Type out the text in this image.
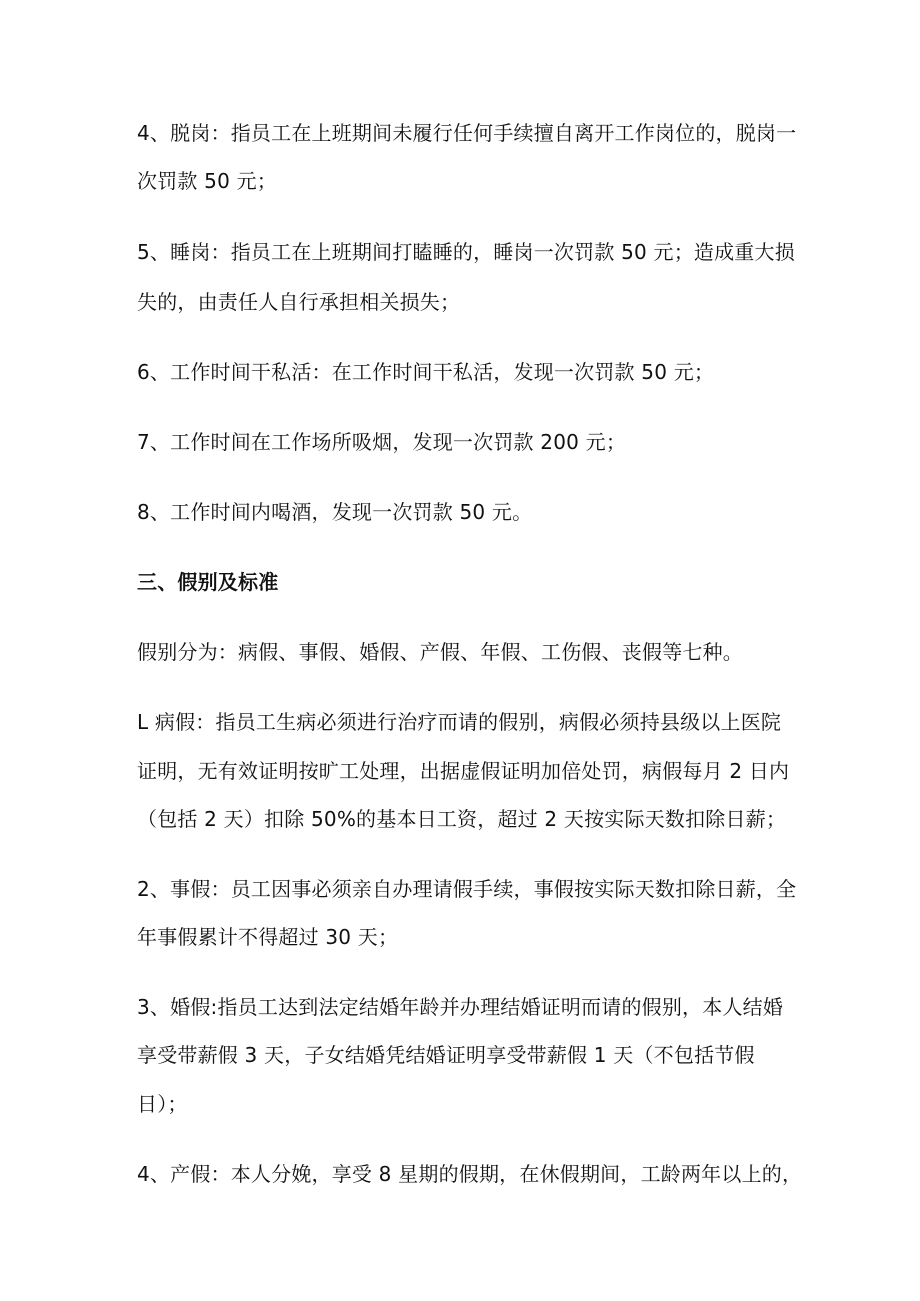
4、脱岗：指员工在上班期间未履行任何手续擅自离开工作岗位的，脱岗一
次罚款 50 元；
5、睡岗：指员工在上班期间打瞌睡的，睡岗一次罚款 50 元；造成重大损
失的，由责任人自行承担相关损失；
6、工作时间干私活：在工作时间干私活，发现一次罚款 50 元；
7、工作时间在工作场所吸烟，发现一次罚款 200 元；
8、工作时间内喝酒，发现一次罚款 50 元。
三、假别及标准
假别分为：病假、事假、婚假、产假、年假、工伤假、丧假等七种。
L 病假：指员工生病必须进行治疗而请的假别，病假必须持县级以上医院
证明，无有效证明按旷工处理，出据虚假证明加倍处罚，病假每月 2 日内
（包括 2 天）扣除 50%的基本日工资，超过 2 天按实际天数扣除日薪；
2、事假：员工因事必须亲自办理请假手续，事假按实际天数扣除日薪，全
年事假累计不得超过 30 天；
3、婚假:指员工达到法定结婚年龄并办理结婚证明而请的假别，本人结婚
享受带薪假 3 天，子女结婚凭结婚证明享受带薪假 1 天（不包括节假
日）；
4、产假：本人分娩，享受 8 星期的假期，在休假期间，工龄两年以上的，
